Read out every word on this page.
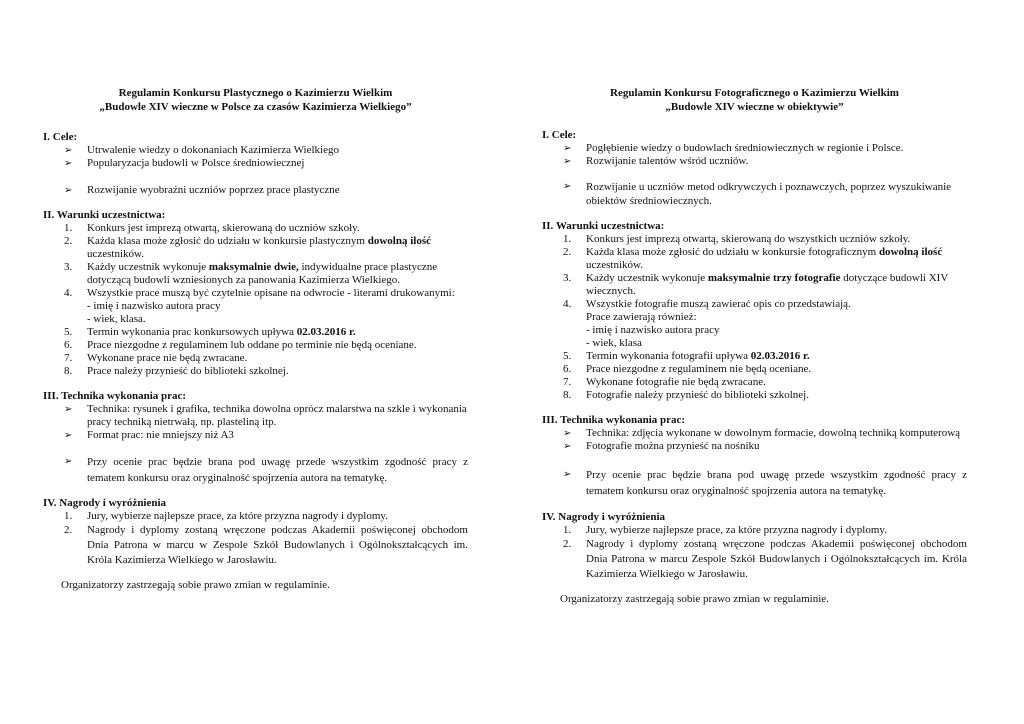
Regulamin Konkursu Plastycznego o Kazimierzu Wielkim
„Budowle XIV wieczne w Polsce za czasów Kazimierza Wielkiego”
I. Cele:
➢ Utrwalenie wiedzy o dokonaniach Kazimierza Wielkiego
➢ Popularyzacja budowli w Polsce średniowiecznej
➢ Rozwijanie wyobraźni uczniów poprzez prace plastyczne
II. Warunki uczestnictwa:
1. Konkurs jest imprezą otwartą, skierowaną do uczniów szkoły.
2. Każda klasa może zgłosić do udziału w konkursie plastycznym dowolną ilość uczestników.
3. Każdy uczestnik wykonuje maksymalnie dwie, indywidualne prace plastyczne dotyczącą budowli wzniesionych za panowania Kazimierza Wielkiego.
4. Wszystkie prace muszą być czytelnie opisane na odwrocie - literami drukowanymi:
- imię i nazwisko autora pracy
- wiek, klasa.
5. Termin wykonania prac konkursowych upływa 02.03.2016 r.
6. Prace niezgodne z regulaminem lub oddane po terminie nie będą oceniane.
7. Wykonane prace nie będą zwracane.
8. Prace należy przynieść do biblioteki szkolnej.
III. Technika wykonania prac:
➢ Technika: rysunek i grafika, technika dowolna oprócz malarstwa na szkle i wykonania pracy techniką nietrwałą, np. plasteliną itp.
➢ Format prac: nie mniejszy niż A3
➢ Przy ocenie prac będzie brana pod uwagę przede wszystkim zgodność pracy z tematem konkursu oraz oryginalność spojrzenia autora na tematykę.
IV. Nagrody i wyróżnienia
1. Jury, wybierze najlepsze prace, za które przyzna nagrody i dyplomy.
2. Nagrody i dyplomy zostaną wręczone podczas Akademii poświęconej obchodom Dnia Patrona w marcu w Zespole Szkół Budowlanych i Ogólnokształcących im. Króla Kazimierza Wielkiego w Jarosławiu.
Organizatorzy zastrzegają sobie prawo zmian w regulaminie.
Regulamin Konkursu Fotograficznego o Kazimierzu Wielkim
„Budowle XIV wieczne w obiektywie”
I. Cele:
➢ Pogłębienie wiedzy o budowlach średniowiecznych w regionie i Polsce.
➢ Rozwijanie talentów wśród uczniów.
➢ Rozwijanie u uczniów metod odkrywczych i poznawczych, poprzez wyszukiwanie obiektów średniowiecznych.
II. Warunki uczestnictwa:
1. Konkurs jest imprezą otwartą, skierowaną do wszystkich uczniów szkoły.
2. Każda klasa może zgłosić do udziału w konkursie fotograficznym dowolną ilość uczestników.
3. Każdy uczestnik wykonuje maksymalnie trzy fotografie dotyczące budowli XIV wiecznych.
4. Wszystkie fotografie muszą zawierać opis co przedstawiają.
Prace zawierają również:
- imię i nazwisko autora pracy
- wiek, klasa
5. Termin wykonania fotografii upływa 02.03.2016 r.
6. Prace niezgodne z regulaminem nie będą oceniane.
7. Wykonane fotografie nie będą zwracane.
8. Fotografie należy przynieść do biblioteki szkolnej.
III. Technika wykonania prac:
➢ Technika: zdjęcia wykonane w dowolnym formacie, dowolną techniką komputerową
➢ Fotografie można przynieść na nośniku
➢ Przy ocenie prac będzie brana pod uwagę przede wszystkim zgodność pracy z tematem konkursu oraz oryginalność spojrzenia autora na tematykę.
IV. Nagrody i wyróżnienia
1. Jury, wybierze najlepsze prace, za które przyzna nagrody i dyplomy.
2. Nagrody i dyplomy zostaną wręczone podczas Akademii poświęconej obchodom Dnia Patrona w marcu Zespole Szkół Budowlanych i Ogólnokształcących im. Króla Kazimierza Wielkiego w Jarosławiu.
Organizatorzy zastrzegają sobie prawo zmian w regulaminie.
